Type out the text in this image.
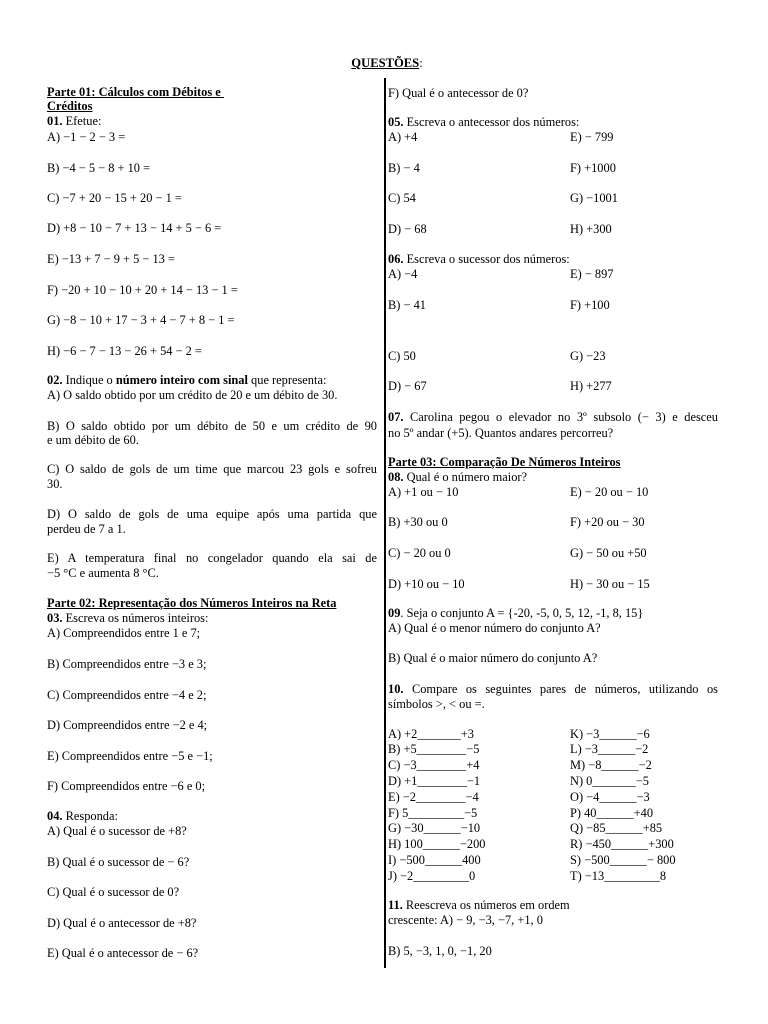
QUESTÕES:
Parte 01: Cálculos com Débitos e
Créditos
01. Efetue:
A) −1 − 2 − 3 =
B) −4 − 5 − 8 + 10 =
C) −7 + 20 − 15 + 20 − 1 =
D) +8 − 10 − 7 + 13 − 14 + 5 − 6 =
E) −13 + 7 − 9 + 5 − 13 =
F) −20 + 10 − 10 + 20 + 14 − 13 − 1 =
G) −8 − 10 + 17 − 3 + 4 − 7 + 8 − 1 =
H) −6 − 7 − 13 − 26 + 54 − 2 =
02. Indique o número inteiro com sinal que representa:
A) O saldo obtido por um crédito de 20 e um débito de 30.
B) O saldo obtido por um débito de 50 e um crédito de 90
e um débito de 60.
C) O saldo de gols de um time que marcou 23 gols e sofreu
30.
D) O saldo de gols de uma equipe após uma partida que
perdeu de 7 a 1.
E) A temperatura final no congelador quando ela sai de
−5 °C e aumenta 8 °C.
Parte 02: Representação dos Números Inteiros na Reta
03. Escreva os números inteiros:
A) Compreendidos entre 1 e 7;
B) Compreendidos entre −3 e 3;
C) Compreendidos entre −4 e 2;
D) Compreendidos entre −2 e 4;
E) Compreendidos entre −5 e −1;
F) Compreendidos entre −6 e 0;
04. Responda:
A) Qual é o sucessor de +8?
B) Qual é o sucessor de − 6?
C) Qual é o sucessor de 0?
D) Qual é o antecessor de +8?
E) Qual é o antecessor de − 6?
F) Qual é o antecessor de 0?
05. Escreva o antecessor dos números:
A) +4
B) − 4
C) 54
D) − 68
E) − 799
F) +1000
G) −1001
H) +300
06. Escreva o sucessor dos números:
A) −4
B) − 41
C) 50
D) − 67
E) − 897
F) +100
G) −23
H) +277
07. Carolina pegou o elevador no 3º subsolo (− 3) e desceu
no 5º andar (+5). Quantos andares percorreu?
Parte 03: Comparação De Números Inteiros
08. Qual é o número maior?
A) +1 ou − 10
B) +30 ou 0
C) − 20 ou 0
D) +10 ou − 10
E) − 20 ou − 10
F) +20 ou − 30
G) − 50 ou +50
H) − 30 ou − 15
09. Seja o conjunto A = {-20, -5, 0, 5, 12, -1, 8, 15}
A) Qual é o menor número do conjunto A?
B) Qual é o maior número do conjunto A?
10. Compare os seguintes pares de números, utilizando os
símbolos >, < ou =.
A) +2_______+3
B) +5________−5
C) −3________+4
D) +1________−1
E) −2________−4
F) 5_________−5
G) −30______−10
H) 100______−200
I) −500______400
J) −2_________0
K) −3______−6
L) −3______−2
M) −8______−2
N) 0_______−5
O) −4______−3
P) 40______+40
Q) −85______+85
R) −450______+300
S) −500______− 800
T) −13_________8
11. Reescreva os números em ordem
crescente: A) − 9, −3, −7, +1, 0
B) 5, −3, 1, 0, −1, 20
